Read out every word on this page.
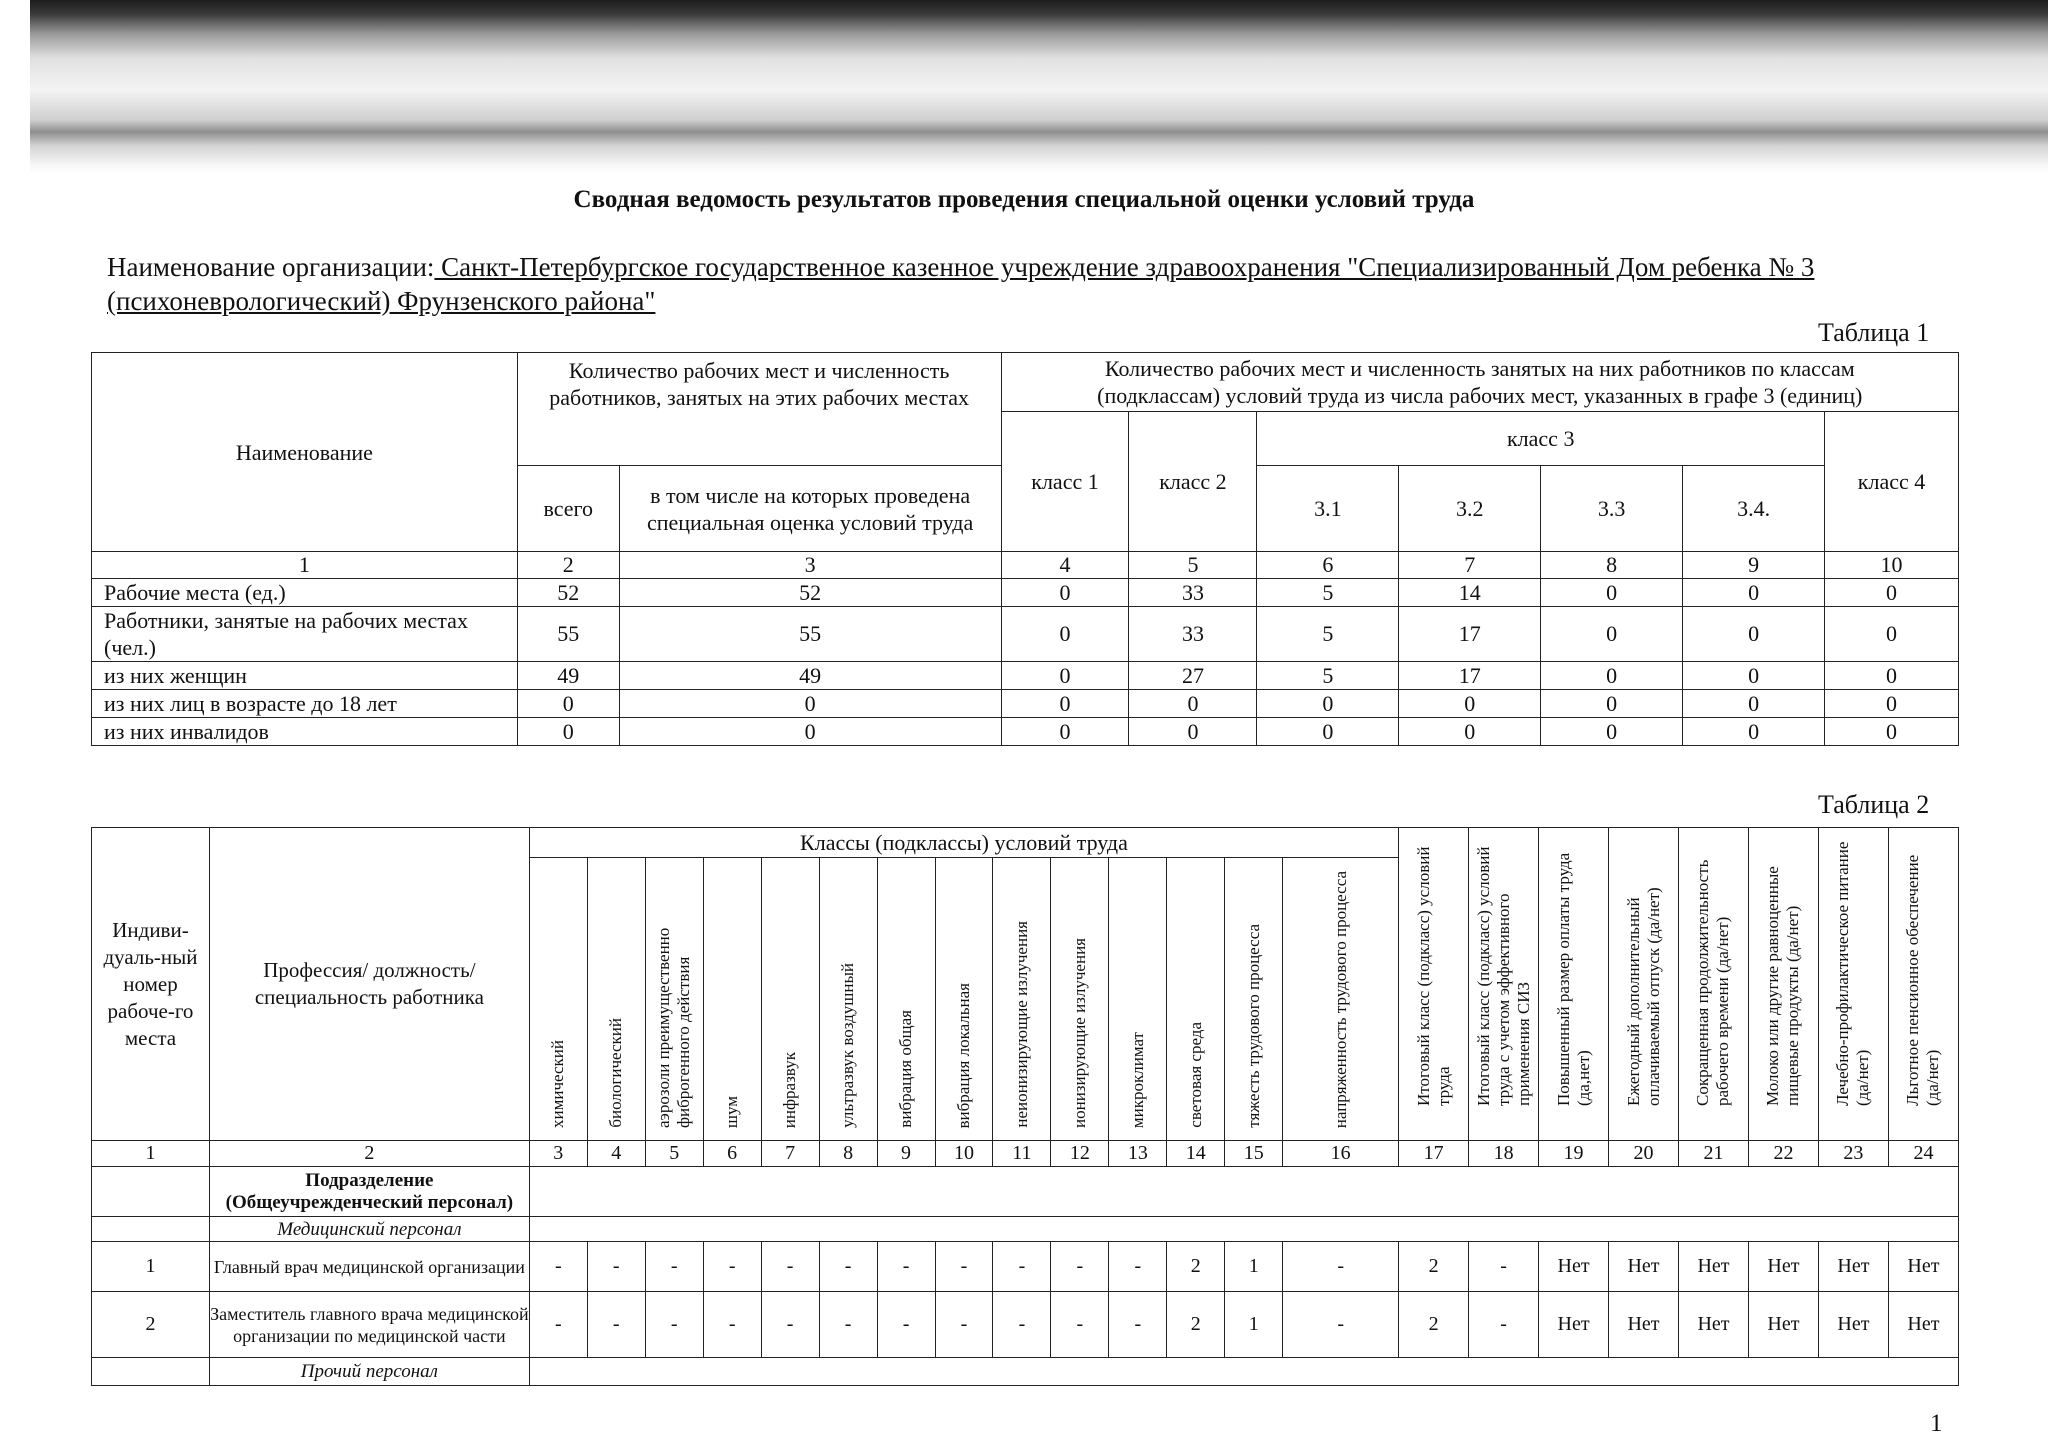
Сводная ведомость результатов проведения специальной оценки условий труда
Наименование организации: Санкт-Петербургское государственное казенное учреждение здравоохранения "Специализированный Дом ребенка № 3 (психоневрологический) Фрунзенского района"
Таблица 1
Наименование	Количество рабочих мест и численность работников, занятых на этих рабочих местах		Количество рабочих мест и численность занятых на них работников по классам (подклассам) условий труда из числа рабочих мест, указанных в графе 3 (единиц)						
			класс 1	класс 2	класс 3				класс 4
	всего	в том числе на которых проведена специальная оценка условий труда			3.1	3.2	3.3	3.4.	
1	2	3	4	5	6	7	8	9	10
Рабочие места (ед.)	52	52	0	33	5	14	0	0	0
Работники, занятые на рабочих местах (чел.)	55	55	0	33	5	17	0	0	0
из них женщин	49	49	0	27	5	17	0	0	0
из них лиц в возрасте до 18 лет	0	0	0	0	0	0	0	0	0
из них инвалидов	0	0	0	0	0	0	0	0	0
Таблица 2
Индиви-дуаль-ный номер рабоче-го места	Профессия/ должность/ специальность работника	Классы (подклассы) условий труда														Итоговый класс (подкласс) условий труда	Итоговый класс (подкласс) условий труда с учетом эффективного применения СИЗ	Повышенный размер оплаты труда (да,нет)	Ежегодный дополнительный оплачиваемый отпуск (да/нет)	Сокращенная продолжительность рабочего времени (да/нет)	Молоко или другие равноценные пищевые продукты (да/нет)	Лечебно-профилактическое питание (да/нет)	Льготное пенсионное обеспечение (да/нет)
		химический	биологический	аэрозоли преимущественно фиброгенного действия	шум	инфразвук	ультразвук воздушный	вибрация общая	вибрация локальная	неионизирующие излучения	ионизирующие излучения	микроклимат	световая среда	тяжесть трудового процесса	напряженность трудового процесса								
1	2	3	4	5	6	7	8	9	10	11	12	13	14	15	16	17	18	19	20	21	22	23	24
	Подразделение (Общеучрежденческий персонал)																						
	Медицинский персонал																						
1	Главный врач медицинской организации	-	-	-	-	-	-	-	-	-	-	-	2	1	-	2	-	Нет	Нет	Нет	Нет	Нет	Нет
2	Заместитель главного врача медицинской организации по медицинской части	-	-	-	-	-	-	-	-	-	-	-	2	1	-	2	-	Нет	Нет	Нет	Нет	Нет	Нет
	Прочий персонал																						
1
